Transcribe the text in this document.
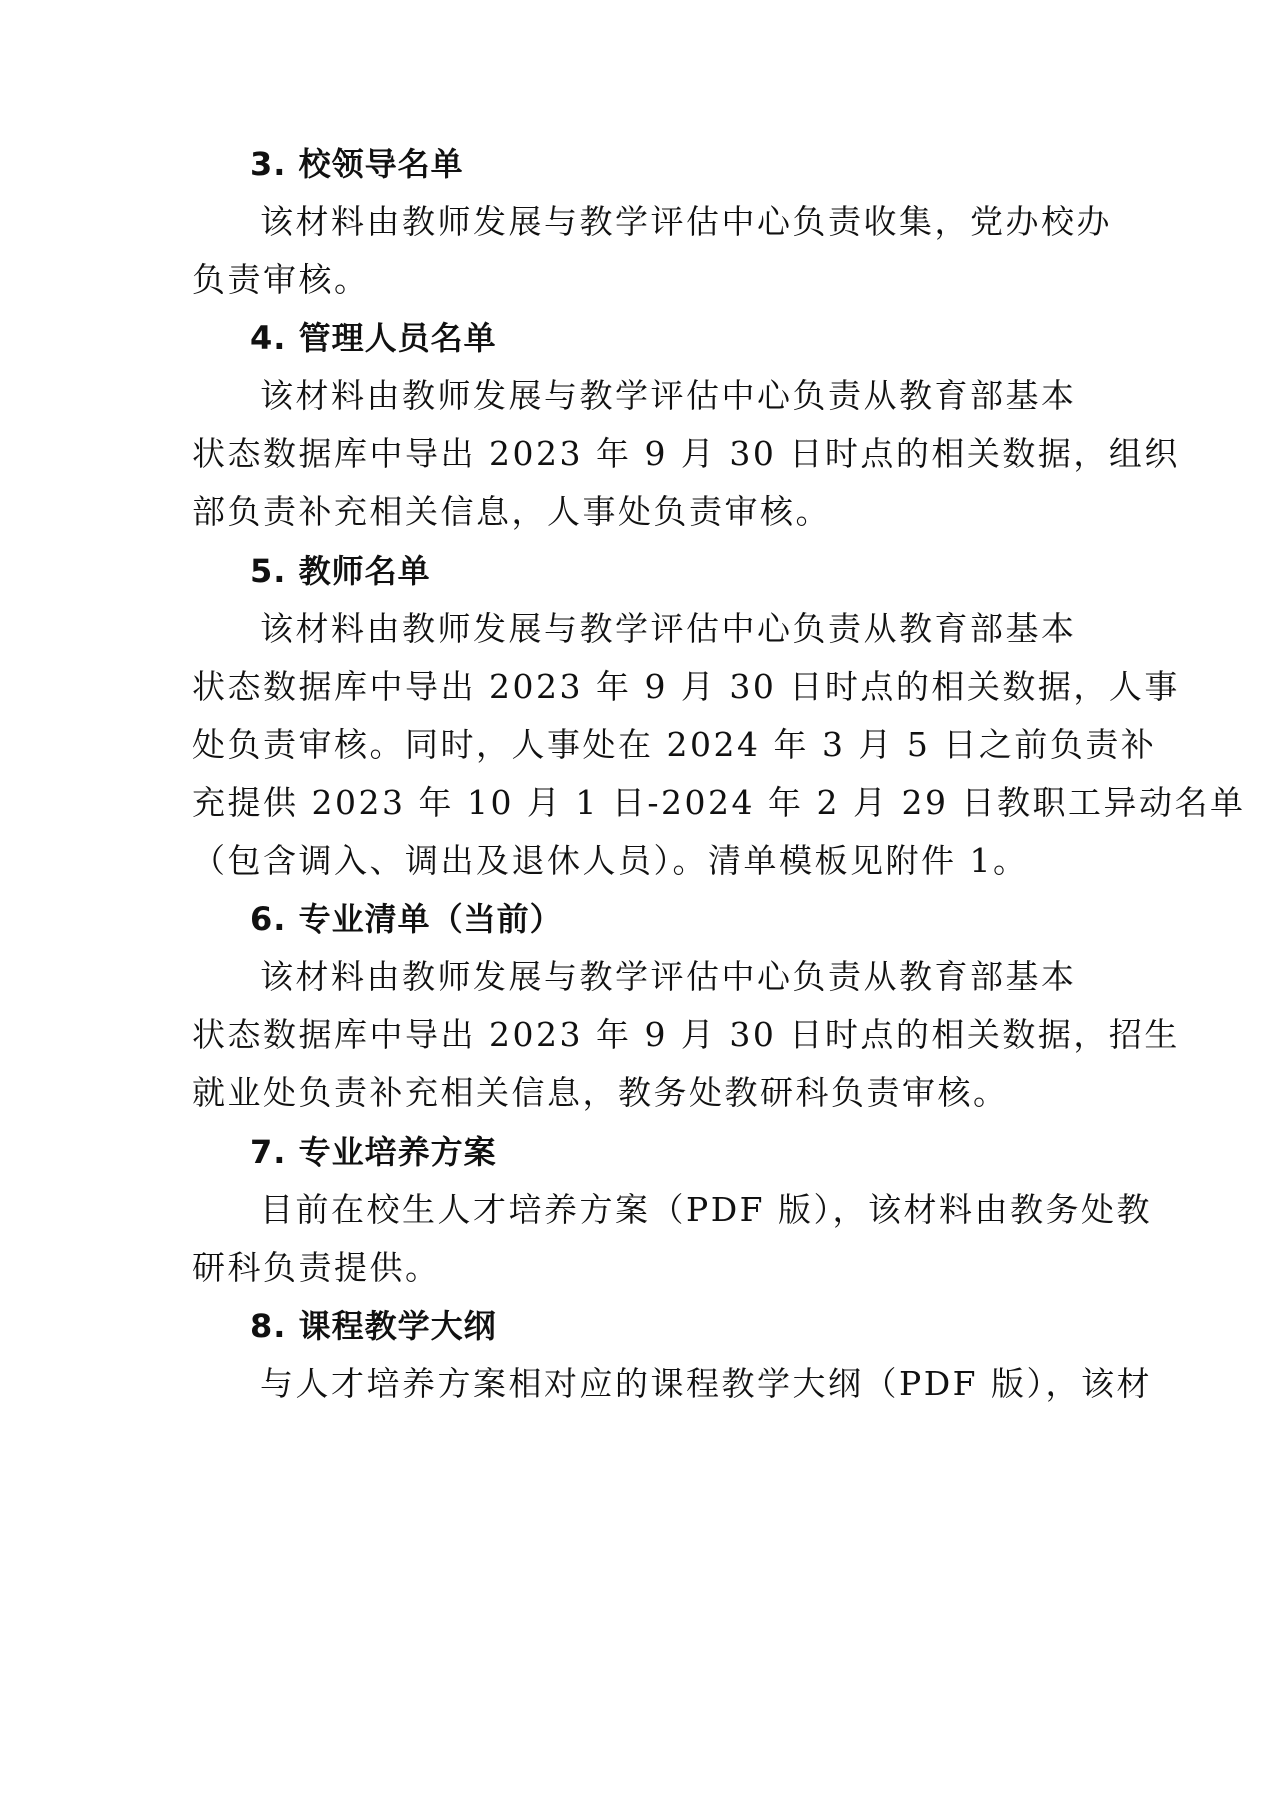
3. 校领导名单
该材料由教师发展与教学评估中心负责收集，党办校办
负责审核。
4. 管理人员名单
该材料由教师发展与教学评估中心负责从教育部基本
状态数据库中导出 2023 年 9 月 30 日时点的相关数据，组织
部负责补充相关信息，人事处负责审核。
5. 教师名单
该材料由教师发展与教学评估中心负责从教育部基本
状态数据库中导出 2023 年 9 月 30 日时点的相关数据，人事
处负责审核。同时，人事处在 2024 年 3 月 5 日之前负责补
充提供 2023 年 10 月 1 日-2024 年 2 月 29 日教职工异动名单
（包含调入、调出及退休人员）。清单模板见附件 1。
6. 专业清单（当前）
该材料由教师发展与教学评估中心负责从教育部基本
状态数据库中导出 2023 年 9 月 30 日时点的相关数据，招生
就业处负责补充相关信息，教务处教研科负责审核。
7. 专业培养方案
目前在校生人才培养方案（PDF 版），该材料由教务处教
研科负责提供。
8. 课程教学大纲
与人才培养方案相对应的课程教学大纲（PDF 版），该材
